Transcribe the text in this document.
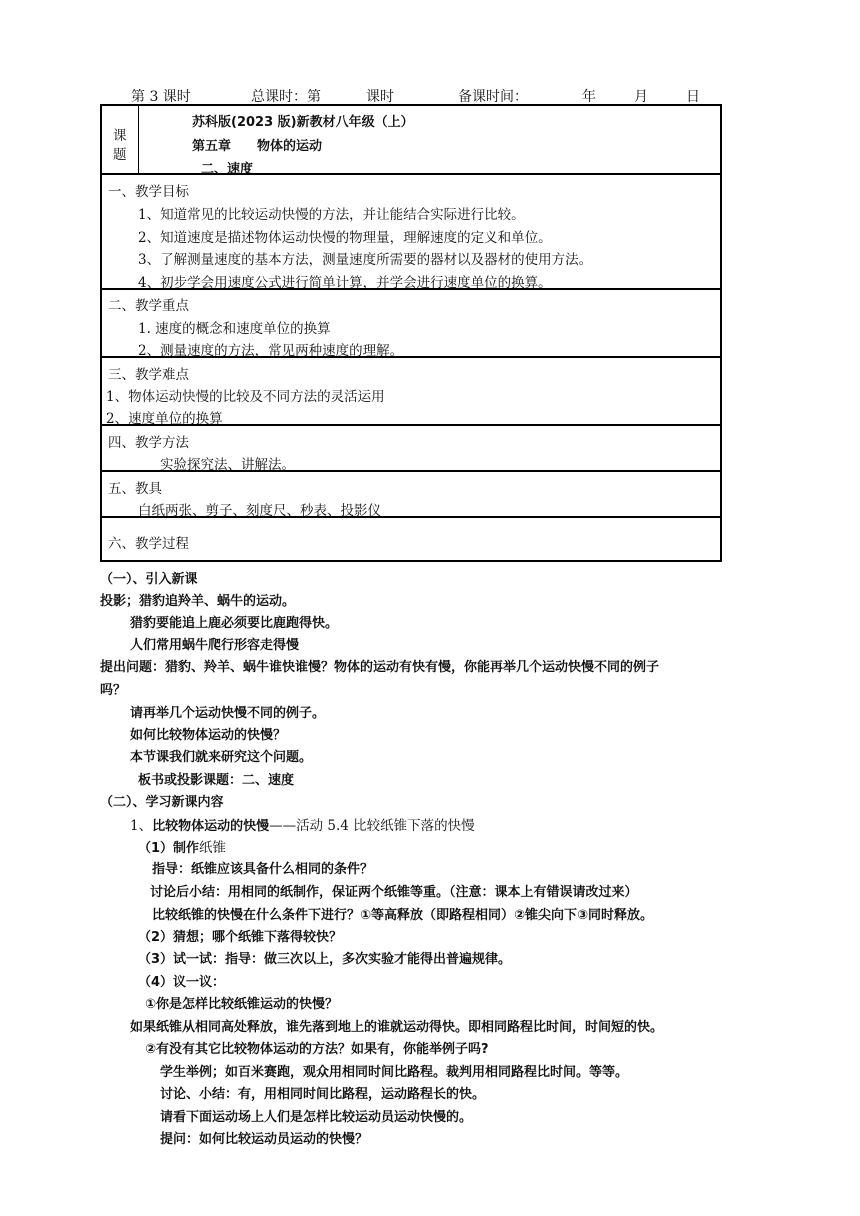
第 3 课时	总课时：第	课时	备课时间：	年	月	日
课
题
苏科版(2023 版)新教材八年级（上）
第五章　　物体的运动
二、速度
一、教学目标
1、知道常见的比较运动快慢的方法，并让能结合实际进行比较。
2、知道速度是描述物体运动快慢的物理量，理解速度的定义和单位。
3、了解测量速度的基本方法，测量速度所需要的器材以及器材的使用方法。
4、初步学会用速度公式进行简单计算，并学会进行速度单位的换算。
二、教学重点
1. 速度的概念和速度单位的换算
2、测量速度的方法，常见两种速度的理解。
三、教学难点
1、物体运动快慢的比较及不同方法的灵活运用
2、速度单位的换算
四、教学方法
实验探究法、讲解法。
五、教具
白纸两张、剪子、刻度尺、秒表、投影仪
六、教学过程
（一）、引入新课
投影；猎豹追羚羊、蜗牛的运动。
猎豹要能追上鹿必须要比鹿跑得快。
人们常用蜗牛爬行形容走得慢
提出问题：猎豹、羚羊、蜗牛谁快谁慢？物体的运动有快有慢，你能再举几个运动快慢不同的例子
吗？
请再举几个运动快慢不同的例子。
如何比较物体运动的快慢？
本节课我们就来研究这个问题。
板书或投影课题：二、速度
（二）、学习新课内容
1、比较物体运动的快慢——活动 5.4 比较纸锥下落的快慢
（1）制作纸锥
指导：纸锥应该具备什么相同的条件？
讨论后小结：用相同的纸制作，保证两个纸锥等重。（注意：课本上有错误请改过来）
比较纸锥的快慢在什么条件下进行？①等高释放（即路程相同）②锥尖向下③同时释放。
（2）猜想；哪个纸锥下落得较快？
（3）试一试：指导：做三次以上，多次实验才能得出普遍规律。
（4）议一议：
①你是怎样比较纸锥运动的快慢？
如果纸锥从相同高处释放，谁先落到地上的谁就运动得快。即相同路程比时间，时间短的快。
②有没有其它比较物体运动的方法？如果有，你能举例子吗?
学生举例；如百米赛跑，观众用相同时间比路程。裁判用相同路程比时间。等等。
讨论、小结：有，用相同时间比路程，运动路程长的快。
请看下面运动场上人们是怎样比较运动员运动快慢的。
提问：如何比较运动员运动的快慢？
